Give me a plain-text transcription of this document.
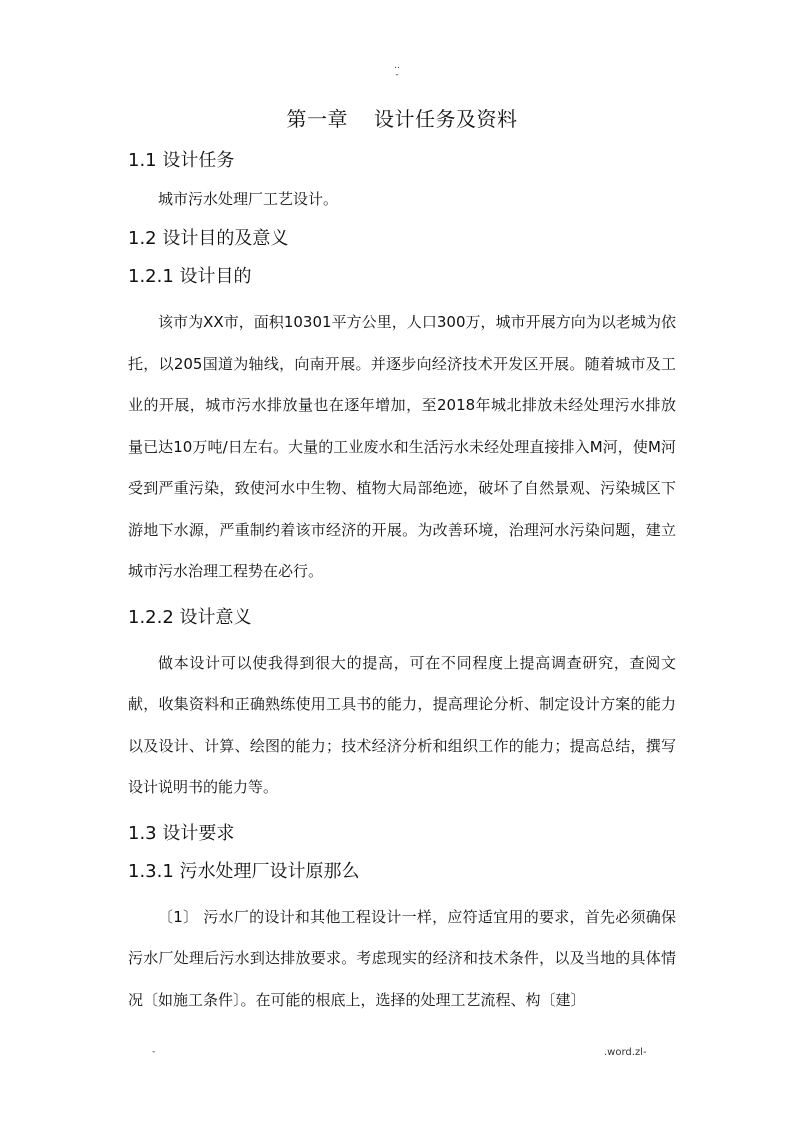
..
-
第一章 设计任务及资料
1.1 设计任务

城市污水处理厂工艺设计。

1.2 设计目的及意义
1.2.1 设计目的

该市为XX市，面积10301平方公里，人口300万，城市开展方向为以老城为依托，以205国道为轴线，向南开展。并逐步向经济技术开发区开展。随着城市及工业的开展，城市污水排放量也在逐年增加，至2018年城北排放未经处理污水排放量已达10万吨/日左右。大量的工业废水和生活污水未经处理直接排入M河，使M河受到严重污染，致使河水中生物、植物大局部绝迹，破坏了自然景观、污染城区下游地下水源，严重制约着该市经济的开展。为改善环境，治理河水污染问题，建立城市污水治理工程势在必行。

1.2.2 设计意义

做本设计可以使我得到很大的提高，可在不同程度上提高调查研究，查阅文献，收集资料和正确熟练使用工具书的能力，提高理论分析、制定设计方案的能力以及设计、计算、绘图的能力；技术经济分析和组织工作的能力；提高总结，撰写设计说明书的能力等。

1.3 设计要求
1.3.1 污水处理厂设计原那么

〔1〕 污水厂的设计和其他工程设计一样，应符适宜用的要求，首先必须确保污水厂处理后污水到达排放要求。考虑现实的经济和技术条件，以及当地的具体情况〔如施工条件〕。在可能的根底上，选择的处理工艺流程、构〔建〕

-	.word.zl-
